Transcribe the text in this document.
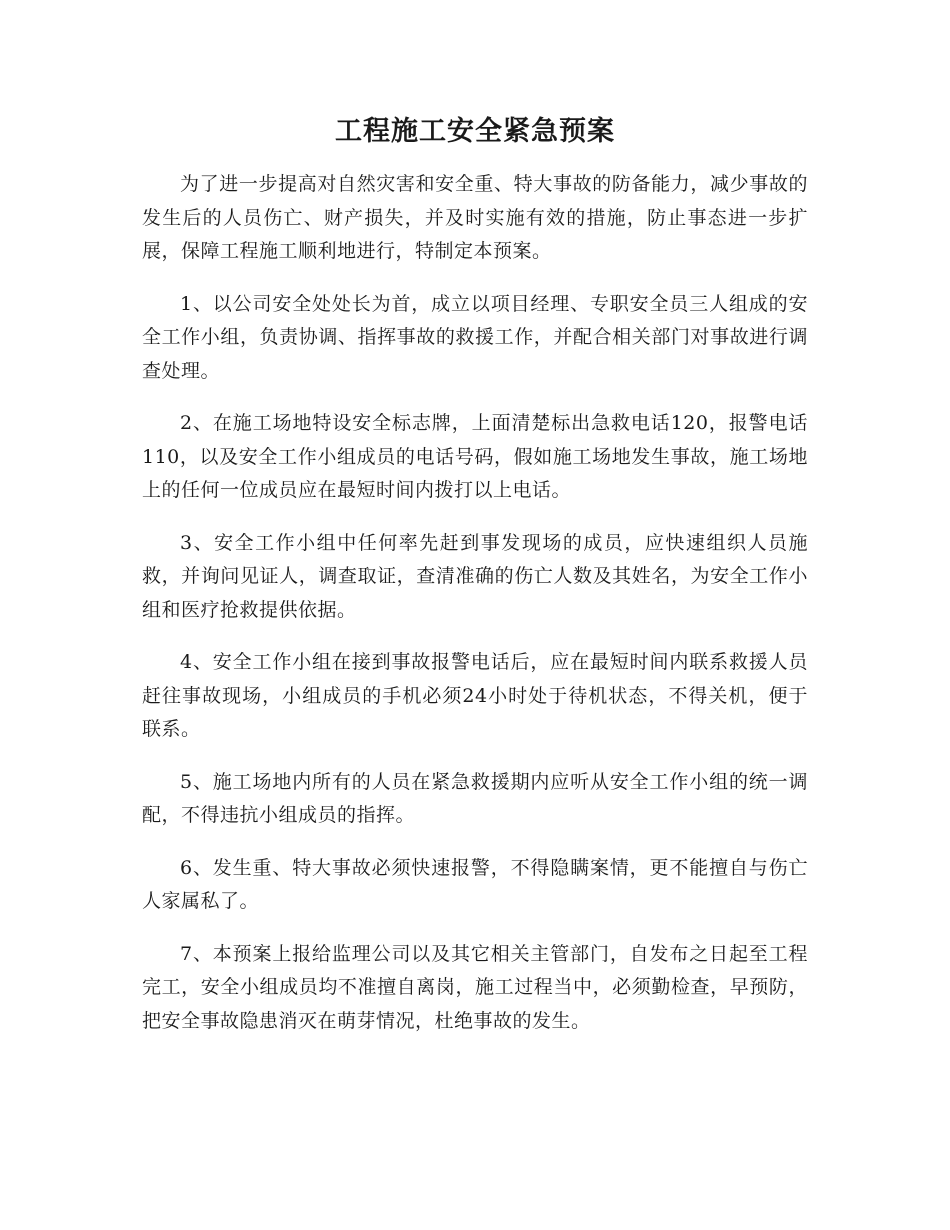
工程施工安全紧急预案

为了进一步提高对自然灾害和安全重、特大事故的防备能力，减少事故的发生后的人员伤亡、财产损失，并及时实施有效的措施，防止事态进一步扩展，保障工程施工顺利地进行，特制定本预案。

1、以公司安全处处长为首，成立以项目经理、专职安全员三人组成的安全工作小组，负责协调、指挥事故的救援工作，并配合相关部门对事故进行调查处理。

2、在施工场地特设安全标志牌，上面清楚标出急救电话120，报警电话110，以及安全工作小组成员的电话号码，假如施工场地发生事故，施工场地上的任何一位成员应在最短时间内拨打以上电话。

3、安全工作小组中任何率先赶到事发现场的成员，应快速组织人员施救，并询问见证人，调查取证，查清准确的伤亡人数及其姓名，为安全工作小组和医疗抢救提供依据。

4、安全工作小组在接到事故报警电话后，应在最短时间内联系救援人员赶往事故现场，小组成员的手机必须24小时处于待机状态，不得关机，便于联系。

5、施工场地内所有的人员在紧急救援期内应听从安全工作小组的统一调配，不得违抗小组成员的指挥。

6、发生重、特大事故必须快速报警，不得隐瞒案情，更不能擅自与伤亡人家属私了。

7、本预案上报给监理公司以及其它相关主管部门，自发布之日起至工程完工，安全小组成员均不准擅自离岗，施工过程当中，必须勤检查，早预防，把安全事故隐患消灭在萌芽情况，杜绝事故的发生。
